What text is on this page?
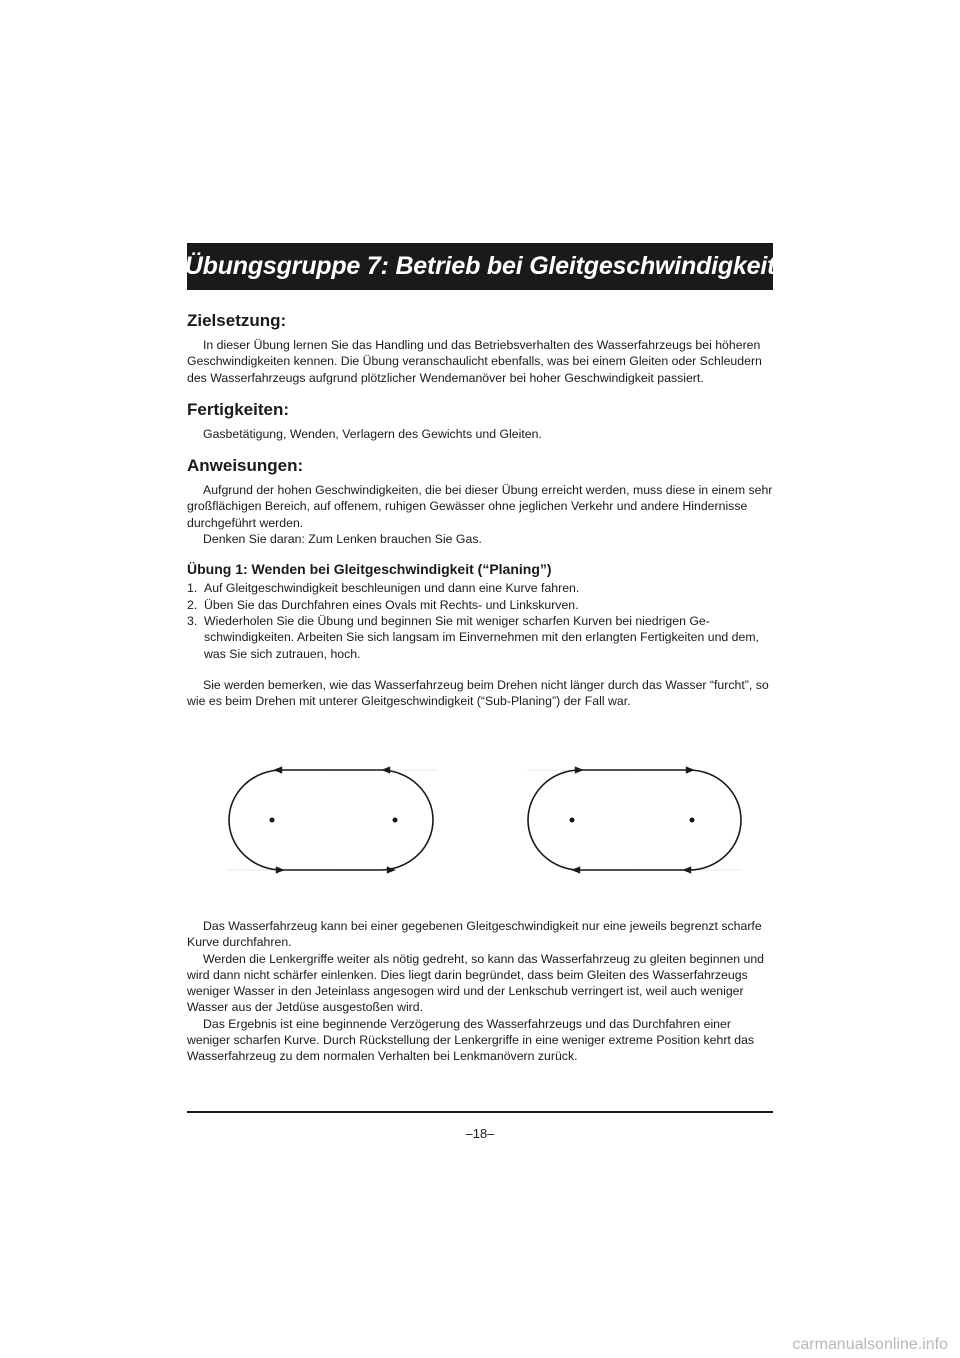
Übungsgruppe 7: Betrieb bei Gleitgeschwindigkeit
Zielsetzung:

In dieser Übung lernen Sie das Handling und das Betriebsverhalten des Wasserfahrzeugs bei höheren Geschwindigkeiten kennen. Die Übung veranschaulicht ebenfalls, was bei einem Gleiten oder Schleudern des Wasserfahrzeugs aufgrund plötzlicher Wendemanöver bei hoher Geschwindigkeit passiert.

Fertigkeiten:

Gasbetätigung, Wenden, Verlagern des Gewichts und Gleiten.

Anweisungen:

Aufgrund der hohen Geschwindigkeiten, die bei dieser Übung erreicht werden, muss diese in einem sehr großflächigen Bereich, auf offenem, ruhigen Gewässer ohne jeglichen Verkehr und andere Hindernisse durchgeführt werden.

Denken Sie daran: Zum Lenken brauchen Sie Gas.

Übung 1: Wenden bei Gleitgeschwindigkeit (“Planing”)
1. Auf Gleitgeschwindigkeit beschleunigen und dann eine Kurve fahren.
2. Üben Sie das Durchfahren eines Ovals mit Rechts- und Linkskurven.
3. Wiederholen Sie die Übung und beginnen Sie mit weniger scharfen Kurven bei niedrigen Geschwindigkeiten. Arbeiten Sie sich langsam im Einvernehmen mit den erlangten Fertigkeiten und dem, was Sie sich zutrauen, hoch.

Sie werden bemerken, wie das Wasserfahrzeug beim Drehen nicht länger durch das Wasser “furcht”, so wie es beim Drehen mit unterer Gleitgeschwindigkeit (“Sub-Planing”) der Fall war.

Das Wasserfahrzeug kann bei einer gegebenen Gleitgeschwindigkeit nur eine jeweils begrenzt scharfe Kurve durchfahren.

Werden die Lenkergriffe weiter als nötig gedreht, so kann das Wasserfahrzeug zu gleiten beginnen und wird dann nicht schärfer einlenken. Dies liegt darin begründet, dass beim Gleiten des Wasserfahrzeugs weniger Wasser in den Jeteinlass angesogen wird und der Lenkschub verringert ist, weil auch weniger Wasser aus der Jetdüse ausgestoßen wird.

Das Ergebnis ist eine beginnende Verzögerung des Wasserfahrzeugs und das Durchfahren einer weniger scharfen Kurve. Durch Rückstellung der Lenkergriffe in eine weniger extreme Position kehrt das Wasserfahrzeug zu dem normalen Verhalten bei Lenkmanövern zurück.

–18–
carmanualsonline.info
